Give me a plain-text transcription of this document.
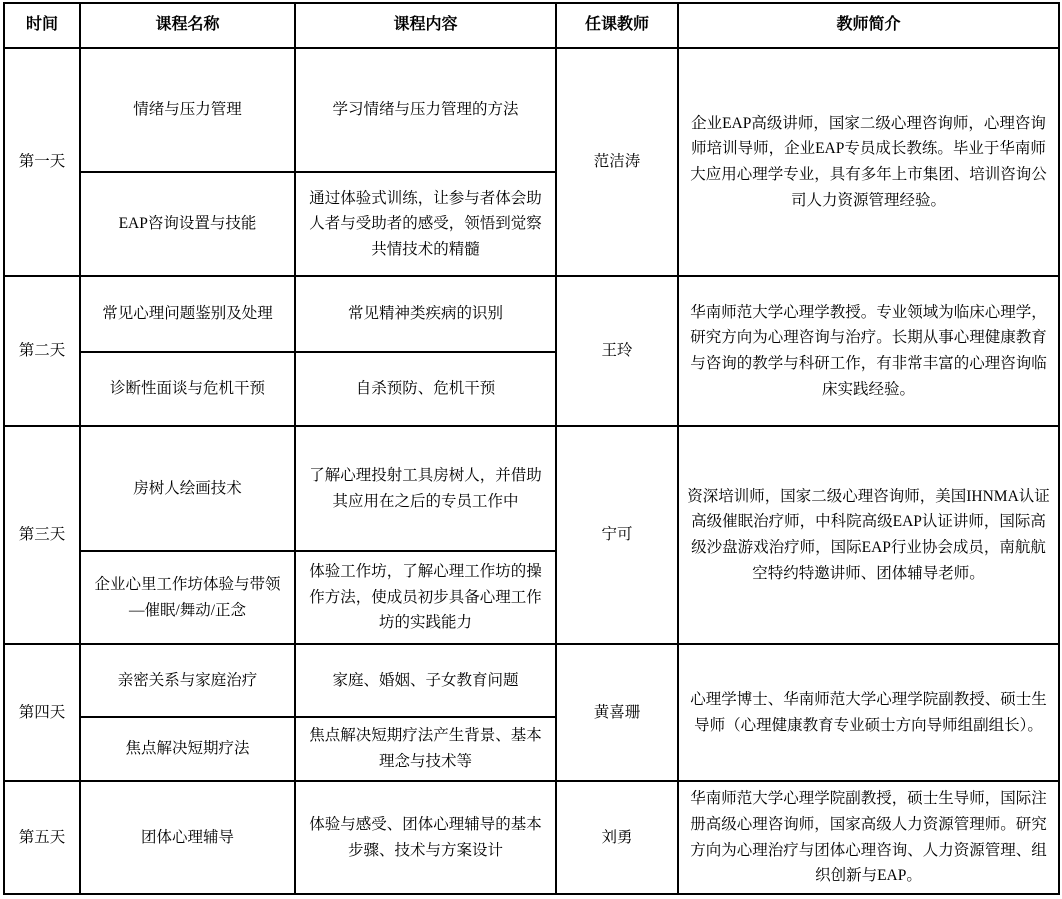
时间	课程名称	课程内容	任课教师	教师简介
第一天	情绪与压力管理	学习情绪与压力管理的方法	范洁涛	企业EAP高级讲师，国家二级心理咨询师，心理咨询师培训导师，企业EAP专员成长教练。毕业于华南师大应用心理学专业，具有多年上市集团、培训咨询公司人力资源管理经验。
	EAP咨询设置与技能	通过体验式训练，让参与者体会助人者与受助者的感受，领悟到觉察共情技术的精髓		
第二天	常见心理问题鉴别及处理	常见精神类疾病的识别	王玲	华南师范大学心理学教授。专业领域为临床心理学，研究方向为心理咨询与治疗。长期从事心理健康教育与咨询的教学与科研工作，有非常丰富的心理咨询临床实践经验。
	诊断性面谈与危机干预	自杀预防、危机干预		
第三天	房树人绘画技术	了解心理投射工具房树人，并借助其应用在之后的专员工作中	宁可	资深培训师，国家二级心理咨询师，美国IHNMA认证高级催眠治疗师，中科院高级EAP认证讲师，国际高级沙盘游戏治疗师，国际EAP行业协会成员，南航航空特约特邀讲师、团体辅导老师。
	企业心里工作坊体验与带领—催眠/舞动/正念	体验工作坊，了解心理工作坊的操作方法，使成员初步具备心理工作坊的实践能力		
第四天	亲密关系与家庭治疗	家庭、婚姻、子女教育问题	黄喜珊	心理学博士、华南师范大学心理学院副教授、硕士生导师（心理健康教育专业硕士方向导师组副组长）。
	焦点解决短期疗法	焦点解决短期疗法产生背景、基本理念与技术等		
第五天	团体心理辅导	体验与感受、团体心理辅导的基本步骤、技术与方案设计	刘勇	华南师范大学心理学院副教授，硕士生导师，国际注册高级心理咨询师，国家高级人力资源管理师。研究方向为心理治疗与团体心理咨询、人力资源管理、组织创新与EAP。
